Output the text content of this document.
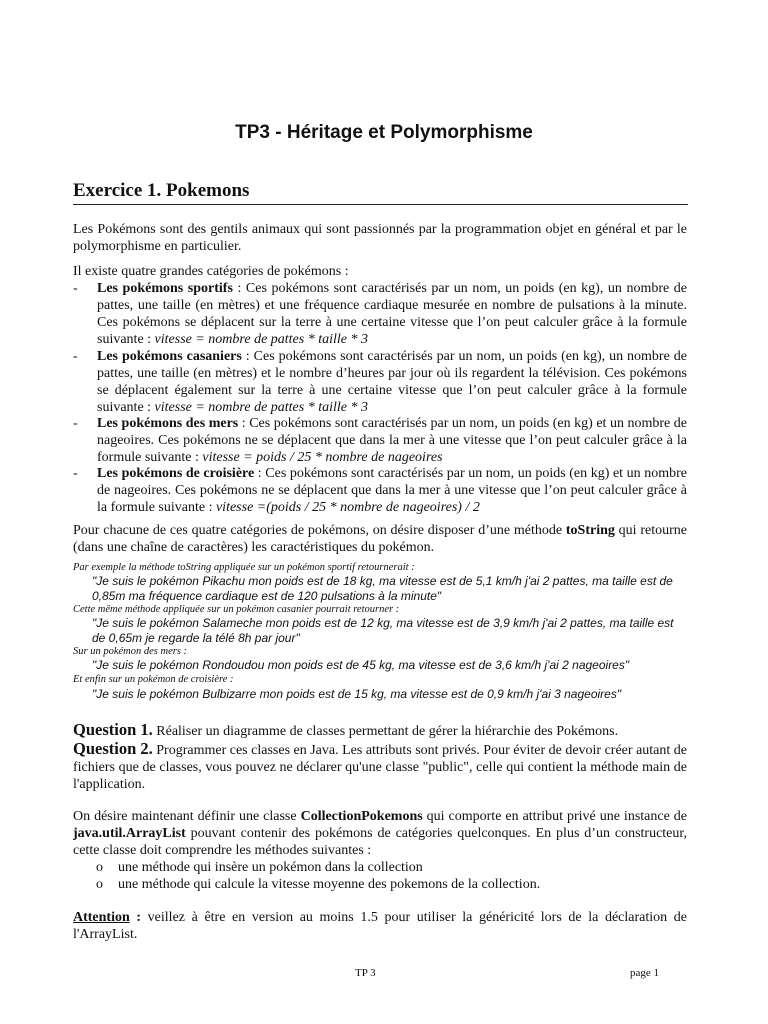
TP3 - Héritage et Polymorphisme
Exercice 1. Pokemons
Les Pokémons sont des gentils animaux qui sont passionnés par la programmation objet en général et par le polymorphisme en particulier.
Il existe quatre grandes catégories de pokémons :
- Les pokémons sportifs : Ces pokémons sont caractérisés par un nom, un poids (en kg), un nombre de pattes, une taille (en mètres) et une fréquence cardiaque mesurée en nombre de pulsations à la minute. Ces pokémons se déplacent sur la terre à une certaine vitesse que l’on peut calculer grâce à la formule suivante : vitesse = nombre de pattes * taille * 3
- Les pokémons casaniers : Ces pokémons sont caractérisés par un nom, un poids (en kg), un nombre de pattes, une taille (en mètres) et le nombre d’heures par jour où ils regardent la télévision. Ces pokémons se déplacent également sur la terre à une certaine vitesse que l’on peut calculer grâce à la formule suivante : vitesse = nombre de pattes * taille * 3
- Les pokémons des mers : Ces pokémons sont caractérisés par un nom, un poids (en kg) et un nombre de nageoires. Ces pokémons ne se déplacent que dans la mer à une vitesse que l’on peut calculer grâce à la formule suivante : vitesse = poids / 25 * nombre de nageoires
- Les pokémons de croisière : Ces pokémons sont caractérisés par un nom, un poids (en kg) et un nombre de nageoires. Ces pokémons ne se déplacent que dans la mer à une vitesse que l’on peut calculer grâce à la formule suivante : vitesse =(poids / 25 * nombre de nageoires) / 2
Pour chacune de ces quatre catégories de pokémons, on désire disposer d’une méthode toString qui retourne (dans une chaîne de caractères) les caractéristiques du pokémon.
Par exemple la méthode toString appliquée sur un pokémon sportif retournerait :
"Je suis le pokémon Pikachu mon poids est de 18 kg, ma vitesse est de 5,1 km/h j'ai 2 pattes, ma taille est de 0,85m ma fréquence cardiaque est de 120 pulsations à la minute"
Cette même méthode appliquée sur un pokémon casanier pourrait retourner :
"Je suis le pokémon Salameche mon poids est de 12 kg, ma vitesse est de 3,9 km/h j'ai 2 pattes, ma taille est de 0,65m je regarde la télé 8h par jour"
Sur un pokémon des mers :
"Je suis le pokémon Rondoudou mon poids est de 45 kg, ma vitesse est de 3,6 km/h j'ai 2 nageoires"
Et enfin sur un pokémon de croisière :
"Je suis le pokémon Bulbizarre mon poids est de 15 kg, ma vitesse est de 0,9 km/h j'ai 3 nageoires"
Question 1. Réaliser un diagramme de classes permettant de gérer la hiérarchie des Pokémons.
Question 2. Programmer ces classes en Java. Les attributs sont privés. Pour éviter de devoir créer autant de fichiers que de classes, vous pouvez ne déclarer qu'une classe "public", celle qui contient la méthode main de l'application.
On désire maintenant définir une classe CollectionPokemons qui comporte en attribut privé une instance de java.util.ArrayList pouvant contenir des pokémons de catégories quelconques. En plus d’un constructeur, cette classe doit comprendre les méthodes suivantes :
o une méthode qui insère un pokémon dans la collection
o une méthode qui calcule la vitesse moyenne des pokemons de la collection.
Attention : veillez à être en version au moins 1.5 pour utiliser la généricité lors de la déclaration de l'ArrayList.
TP 3	page 1
